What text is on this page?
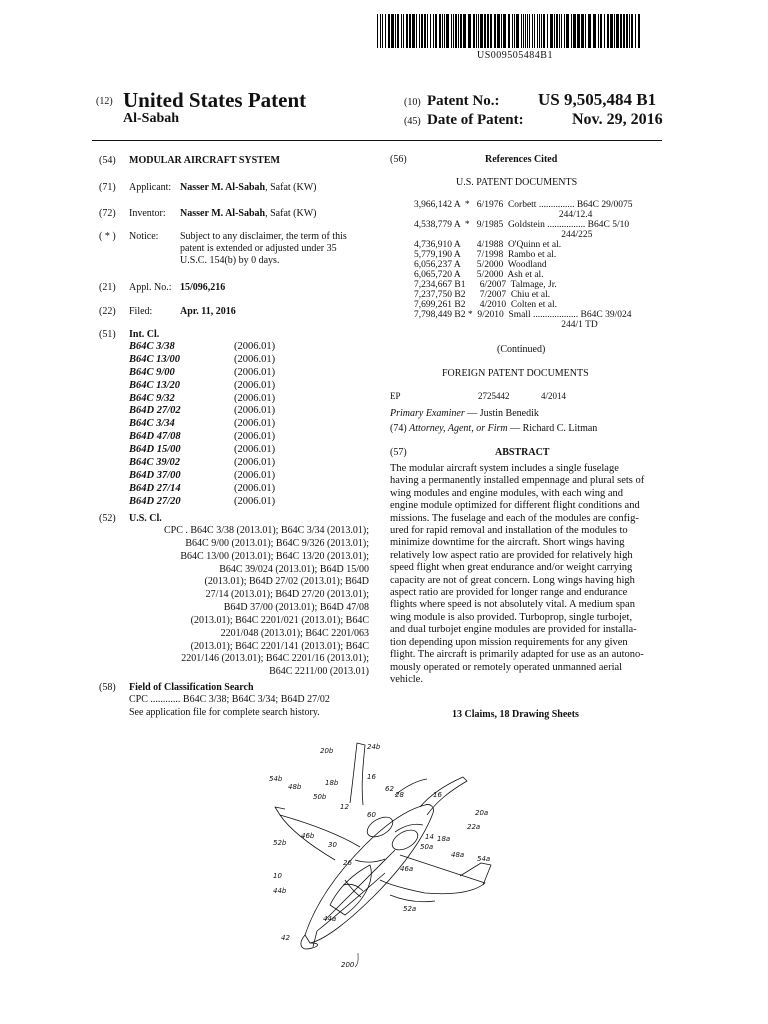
US009505484B1
(12) United States Patent
Al-Sabah
(10) Patent No.: US 9,505,484 B1
(45) Date of Patent:	Nov. 29, 2016
(54) MODULAR AIRCRAFT SYSTEM
(71) Applicant: Nasser M. Al-Sabah, Safat (KW)
(72) Inventor: Nasser M. Al-Sabah, Safat (KW)
( * ) Notice: Subject to any disclaimer, the term of this
patent is extended or adjusted under 35
U.S.C. 154(b) by 0 days.
(21) Appl. No.: 15/096,216
(22) Filed:	Apr. 11, 2016
(51) Int. Cl.
B64C 3/38	(2006.01)
B64C 13/00	(2006.01)
B64C 9/00	(2006.01)
B64C 13/20	(2006.01)
B64C 9/32	(2006.01)
B64D 27/02	(2006.01)
B64C 3/34	(2006.01)
B64D 47/08	(2006.01)
B64D 15/00	(2006.01)
B64C 39/02	(2006.01)
B64D 37/00	(2006.01)
B64D 27/14	(2006.01)
B64D 27/20	(2006.01)
(52) U.S. Cl.
CPC . B64C 3/38 (2013.01); B64C 3/34 (2013.01);
B64C 9/00 (2013.01); B64C 9/326 (2013.01);
B64C 13/00 (2013.01); B64C 13/20 (2013.01);
B64C 39/024 (2013.01); B64D 15/00
(2013.01); B64D 27/02 (2013.01); B64D
27/14 (2013.01); B64D 27/20 (2013.01);
B64D 37/00 (2013.01); B64D 47/08
(2013.01); B64C 2201/021 (2013.01); B64C
2201/048 (2013.01); B64C 2201/063
(2013.01); B64C 2201/141 (2013.01); B64C
2201/146 (2013.01); B64C 2201/16 (2013.01);
B64C 2211/00 (2013.01)
(58) Field of Classification Search
CPC ............ B64C 3/38; B64C 3/34; B64D 27/02
See application file for complete search history.
(56)	References Cited
U.S. PATENT DOCUMENTS
3,966,142 A  *   6/1976  Corbett ............... B64C 29/0075
244/12.4
4,538,779 A  *   9/1985  Goldstein ................ B64C 5/10
244/225
4,736,910 A       4/1988  O'Quinn et al.
5,779,190 A       7/1998  Rambo et al.
6,056,237 A       5/2000  Woodland
6,065,720 A       5/2000  Ash et al.
7,234,667 B1      6/2007  Talmage, Jr.
7,237,750 B2      7/2007  Chiu et al.
7,699,261 B2      4/2010  Colten et al.
7,798,449 B2 *  9/2010  Small ................... B64C 39/024
244/1 TD
(Continued)
FOREIGN PATENT DOCUMENTS
EP	2725442	4/2014
Primary Examiner — Justin Benedik
(74) Attorney, Agent, or Firm — Richard C. Litman
(57)	ABSTRACT
The modular aircraft system includes a single fuselage
having a permanently installed empennage and plural sets of
wing modules and engine modules, with each wing and
engine module optimized for different flight conditions and
missions. The fuselage and each of the modules are config-
ured for rapid removal and installation of the modules to
minimize downtime for the aircraft. Short wings having
relatively low aspect ratio are provided for relatively high
speed flight when great endurance and/or weight carrying
capacity are not of great concern. Long wings having high
aspect ratio are provided for longer range and endurance
flights where speed is not absolutely vital. A medium span
wing module is also provided. Turboprop, single turbojet,
and dual turbojet engine modules are provided for installa-
tion depending upon mission requirements for any given
flight. The aircraft is primarily adapted for use as an autono-
mously operated or remotely operated unmanned aerial
vehicle.
13 Claims, 18 Drawing Sheets
20b	24b
54b
48b	18b
16
62
28	16
50b
12
60	20a
22a
46b
52b	30
14 18a
50a
48a 54a
26
46a
10
44b
52a
44a
42
200
